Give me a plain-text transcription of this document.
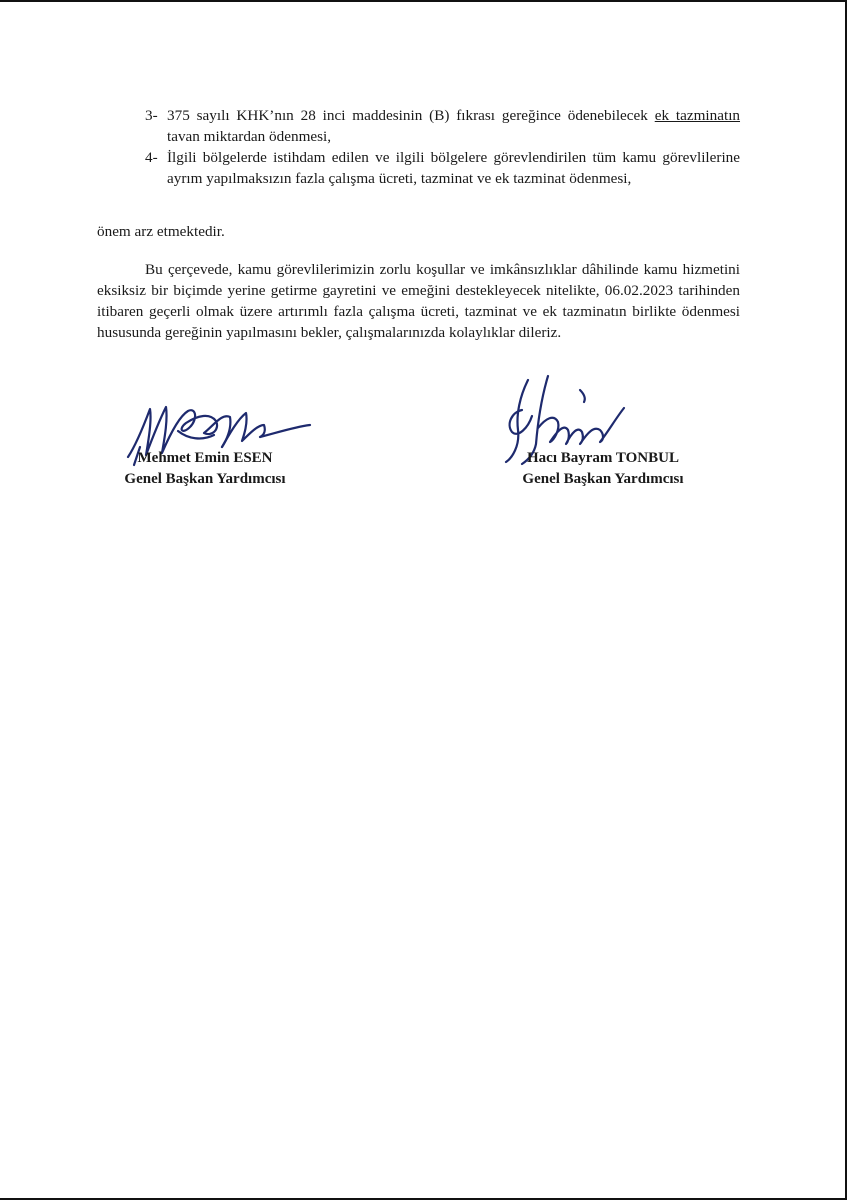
3- 375 sayılı KHK’nın 28 inci maddesinin (B) fıkrası gereğince ödenebilecek ek tazminatın tavan miktardan ödenmesi,
4- İlgili bölgelerde istihdam edilen ve ilgili bölgelere görevlendirilen tüm kamu görevlilerine ayrım yapılmaksızın fazla çalışma ücreti, tazminat ve ek tazminat ödenmesi,
önem arz etmektedir.
Bu çerçevede, kamu görevlilerimizin zorlu koşullar ve imkânsızlıklar dâhilinde kamu hizmetini eksiksiz bir biçimde yerine getirme gayretini ve emeğini destekleyecek nitelikte, 06.02.2023 tarihinden itibaren geçerli olmak üzere artırımlı fazla çalışma ücreti, tazminat ve ek tazminatın birlikte ödenmesi hususunda gereğinin yapılmasını bekler, çalışmalarınızda kolaylıklar dileriz.
Mehmet Emin ESEN
Genel Başkan Yardımcısı
Hacı Bayram TONBUL
Genel Başkan Yardımcısı
